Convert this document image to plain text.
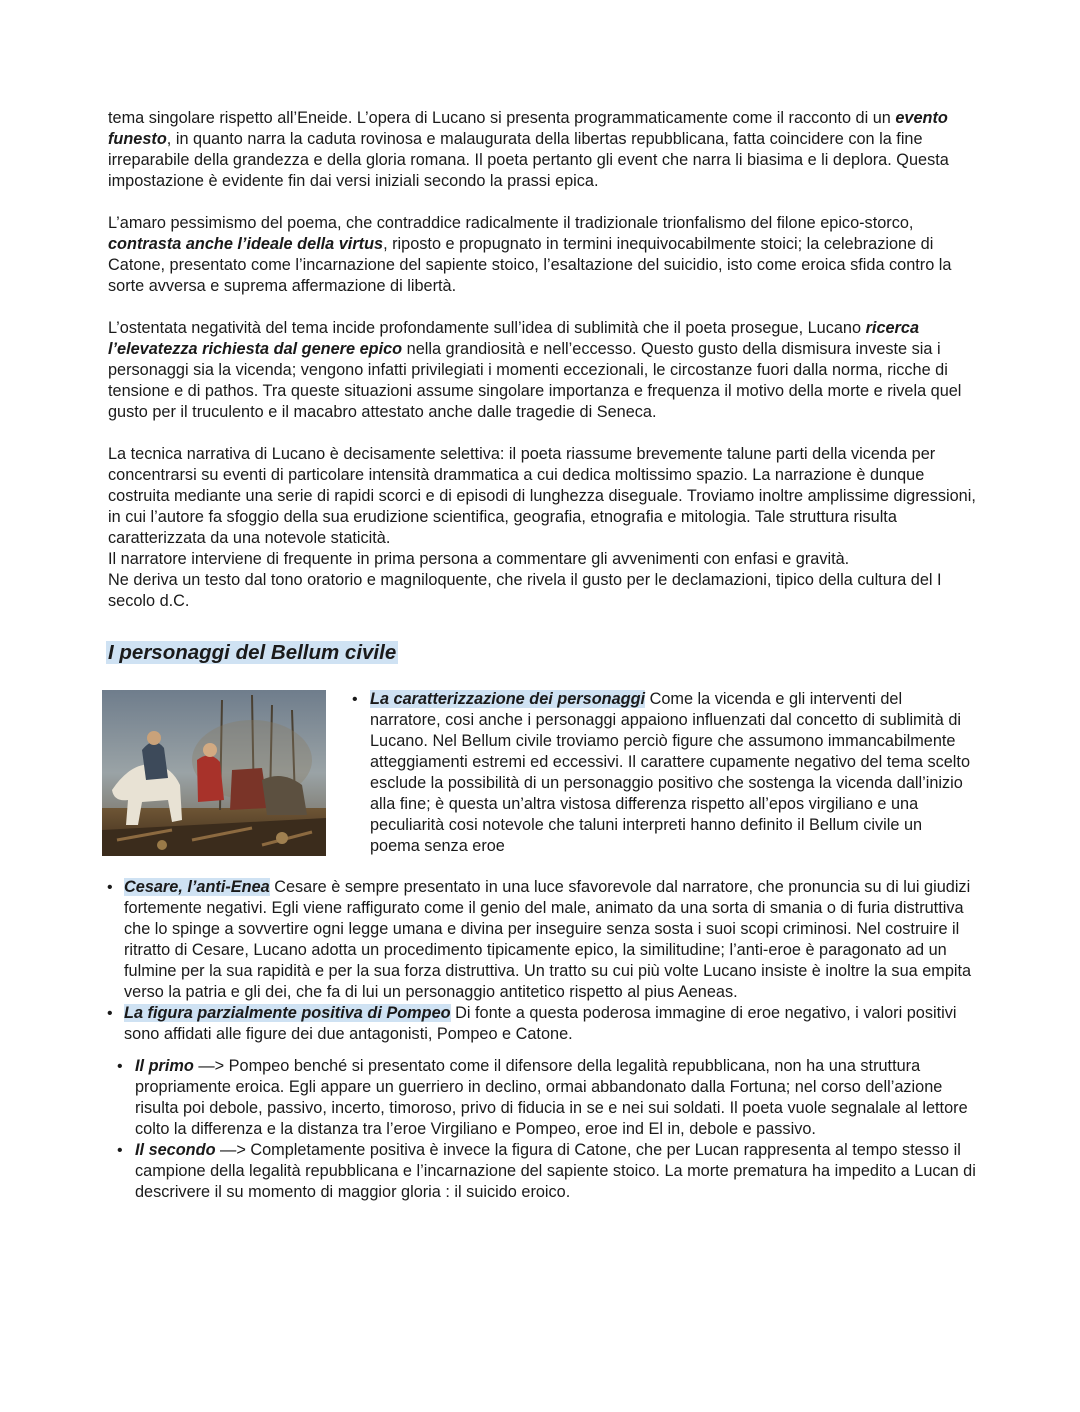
tema singolare rispetto all’Eneide. L’opera di Lucano si presenta programmaticamente come il racconto di un evento funesto, in quanto narra la caduta rovinosa e malaugurata della libertas repubblicana, fatta coincidere con la fine irreparabile della grandezza e della gloria romana. Il poeta pertanto gli event che narra li biasima e li deplora. Questa impostazione è evidente fin dai versi iniziali secondo la prassi epica.

L’amaro pessimismo del poema, che contraddice radicalmente il tradizionale trionfalismo del filone epico-storco, contrasta anche l’ideale della virtus, riposto e propugnato in termini inequivocabilmente stoici; la celebrazione di Catone, presentato come l’incarnazione del sapiente stoico, l’esaltazione del suicidio, isto come eroica sfida contro la sorte avversa e suprema affermazione di libertà.

L’ostentata negatività del tema incide profondamente sull’idea di sublimità che il poeta prosegue, Lucano ricerca l’elevatezza richiesta dal genere epico nella grandiosità e nell’eccesso. Questo gusto della dismisura investe sia i personaggi sia la vicenda; vengono infatti privilegiati i momenti eccezionali, le circostanze fuori dalla norma, ricche di tensione e di pathos. Tra queste situazioni assume singolare importanza e frequenza il motivo della morte e rivela quel gusto per il truculento e il macabro attestato anche dalle tragedie di Seneca.

La tecnica narrativa di Lucano è decisamente selettiva: il poeta riassume brevemente talune parti della vicenda per concentrarsi su eventi di particolare intensità drammatica a cui dedica moltissimo spazio. La narrazione è dunque costruita mediante una serie di rapidi scorci e di episodi di lunghezza diseguale. Troviamo inoltre amplissime digressioni, in cui l’autore fa sfoggio della sua erudizione scientifica, geografia, etnografia e mitologia. Tale struttura risulta caratterizzata da una notevole staticità.
Il narratore interviene di frequente in prima persona a commentare gli avvenimenti con enfasi e gravità.
Ne deriva un testo dal tono oratorio e magniloquente, che rivela il gusto per le declamazioni, tipico della cultura del I secolo d.C.

I personaggi del Bellum civile

• La caratterizzazione dei personaggi Come la vicenda e gli interventi del narratore, cosi anche i personaggi appaiono influenzati dal concetto di sublimità di Lucano. Nel Bellum civile troviamo perciò figure che assumono immancabilmente atteggiamenti estremi ed eccessivi. Il carattere cupamente negativo del tema scelto esclude la possibilità di un personaggio positivo che sostenga la vicenda dall’inizio alla fine; è questa un’altra vistosa differenza rispetto all’epos virgiliano e una peculiarità cosi notevole che taluni interpreti hanno definito il Bellum civile un poema senza eroe

• Cesare, l’anti-Enea Cesare è sempre presentato in una luce sfavorevole dal narratore, che pronuncia su di lui giudizi fortemente negativi. Egli viene raffigurato come il genio del male, animato da una sorta di smania o di furia distruttiva che lo spinge a sovvertire ogni legge umana e divina per inseguire senza sosta i suoi scopi criminosi. Nel costruire il ritratto di Cesare, Lucano adotta un procedimento tipicamente epico, la similitudine; l’anti-eroe è paragonato ad un fulmine per la sua rapidità e per la sua forza distruttiva. Un tratto su cui più volte Lucano insiste è inoltre la sua empita verso la patria e gli dei, che fa di lui un personaggio antitetico rispetto al pius Aeneas.

• La figura parzialmente positiva di Pompeo Di fonte a questa poderosa immagine di eroe negativo, i valori positivi sono affidati alle figure dei due antagonisti, Pompeo e Catone.

• Il primo —> Pompeo benché si presentato come il difensore della legalità repubblicana, non ha una struttura propriamente eroica. Egli appare un guerriero in declino, ormai abbandonato dalla Fortuna; nel corso dell’azione risulta poi debole, passivo, incerto, timoroso, privo di fiducia in se e nei sui soldati. Il poeta vuole segnalale al lettore colto la differenza e la distanza tra l’eroe Virgiliano e Pompeo, eroe ind El in, debole e passivo.

• Il secondo —> Completamente positiva è invece la figura di Catone, che per Lucan rappresenta al tempo stesso il campione della legalità repubblicana e l’incarnazione del sapiente stoico. La morte prematura ha impedito a Lucan di descrivere il su momento di maggior gloria : il suicido eroico.
